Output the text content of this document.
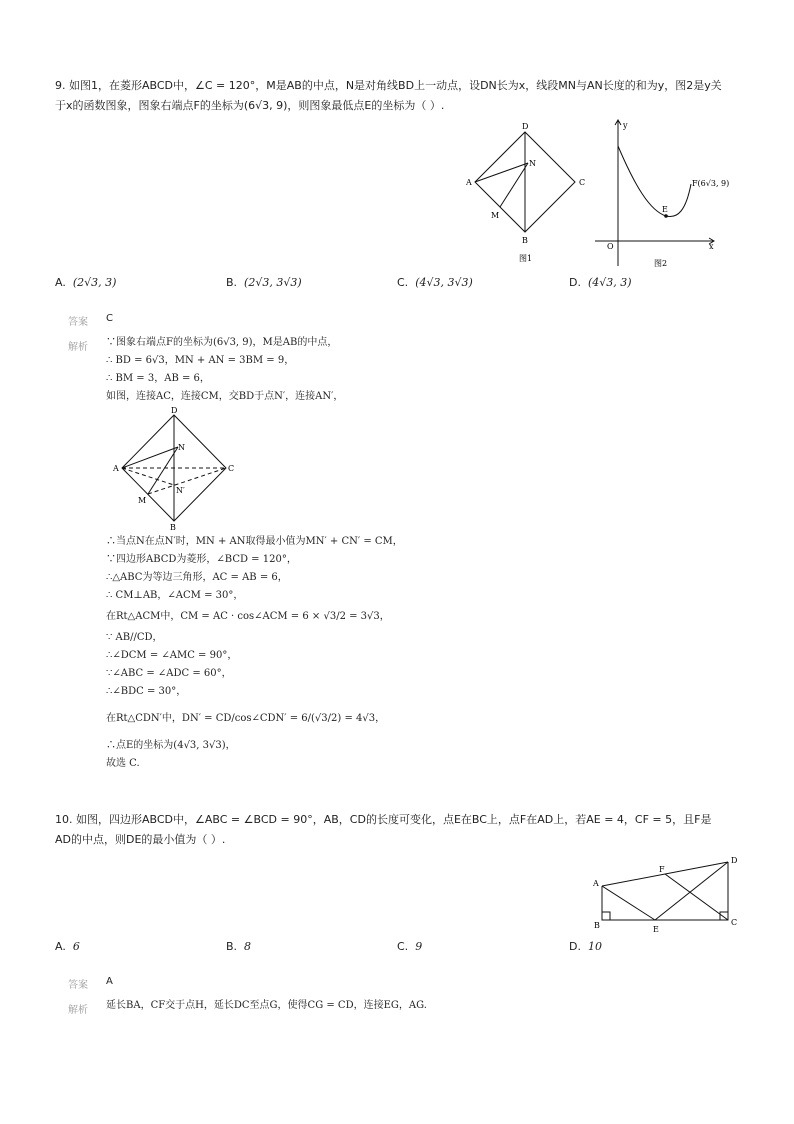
9. 如图1，在菱形ABCD中，∠C = 120°，M是AB的中点，N是对角线BD上一动点，设DN长为x，线段MN与AN长度的和为y，图2是y关
于x的函数图象，图象右端点F的坐标为(6√3, 9)，则图象最低点E的坐标为（ ）.
D
N
A	C
M
B
图1
y
x
O
E
F(6√3, 9)
图2
A. (2√3, 3)	B. (2√3, 3√3)	C. (4√3, 3√3)	D. (4√3, 3)
答案 C
解析 ∵图象右端点F的坐标为(6√3, 9)，M是AB的中点，
∴ BD = 6√3，MN + AN = 3BM = 9，
∴ BM = 3，AB = 6，
如图，连接AC，连接CM，交BD于点N′，连接AN′，
D
N
A	C
N′
M
B
∴当点N在点N′时，MN + AN取得最小值为MN′ + CN′ = CM，
∵四边形ABCD为菱形，∠BCD = 120°，
∴△ABC为等边三角形，AC = AB = 6，
∴ CM⊥AB，∠ACM = 30°，
在Rt△ACM中，CM = AC · cos∠ACM = 6 × √3/2 = 3√3，
∵ AB//CD，
∴∠DCM = ∠AMC = 90°，
∵∠ABC = ∠ADC = 60°，
∴∠BDC = 30°，
在Rt△CDN′中，DN′ = CD/cos∠CDN′ = 6/(√3/2) = 4√3，
∴点E的坐标为(4√3, 3√3)，
故选 C.
10. 如图，四边形ABCD中，∠ABC = ∠BCD = 90°，AB，CD的长度可变化，点E在BC上，点F在AD上，若AE = 4，CF = 5，且F是
AD的中点，则DE的最小值为（ ）.
A
B	C
D
E
F
A. 6	B. 8	C. 9	D. 10
答案 A
解析 延长BA，CF交于点H，延长DC至点G，使得CG = CD，连接EG，AG.
